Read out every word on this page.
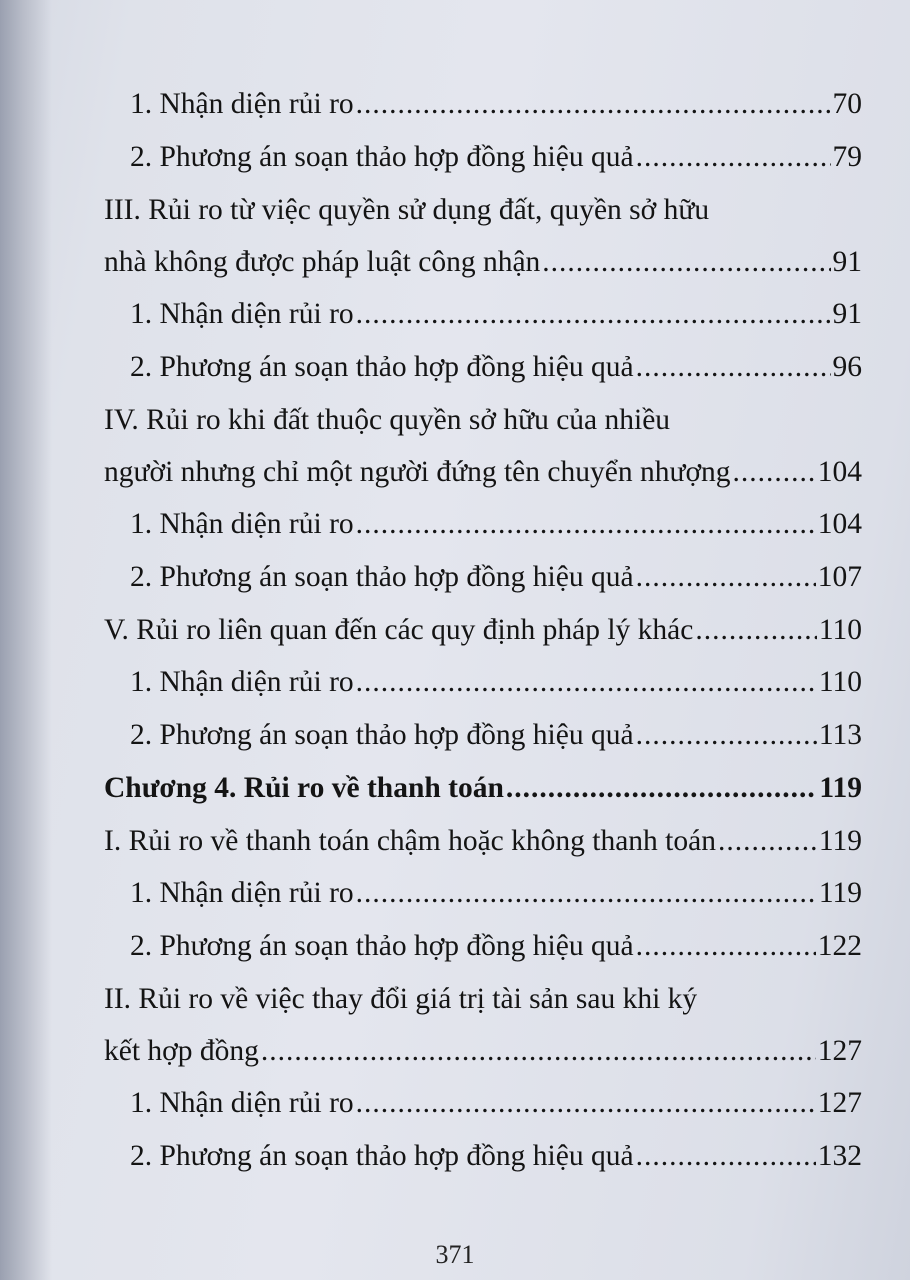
1. Nhận diện rủi ro .....	70
2. Phương án soạn thảo hợp đồng hiệu quả .....	79
III. Rủi ro từ việc quyền sử dụng đất, quyền sở hữu
nhà không được pháp luật công nhận .....	91
1. Nhận diện rủi ro .....	91
2. Phương án soạn thảo hợp đồng hiệu quả .....	96
IV. Rủi ro khi đất thuộc quyền sở hữu của nhiều
người nhưng chỉ một người đứng tên chuyển nhượng .....	104
1. Nhận diện rủi ro .....	104
2. Phương án soạn thảo hợp đồng hiệu quả .....	107
V. Rủi ro liên quan đến các quy định pháp lý khác .....	110
1. Nhận diện rủi ro .....	110
2. Phương án soạn thảo hợp đồng hiệu quả .....	113
Chương 4. Rủi ro về thanh toán .....	119
I. Rủi ro về thanh toán chậm hoặc không thanh toán .....	119
1. Nhận diện rủi ro .....	119
2. Phương án soạn thảo hợp đồng hiệu quả .....	122
II. Rủi ro về việc thay đổi giá trị tài sản sau khi ký
kết hợp đồng .....	127
1. Nhận diện rủi ro .....	127
2. Phương án soạn thảo hợp đồng hiệu quả .....	132
371
